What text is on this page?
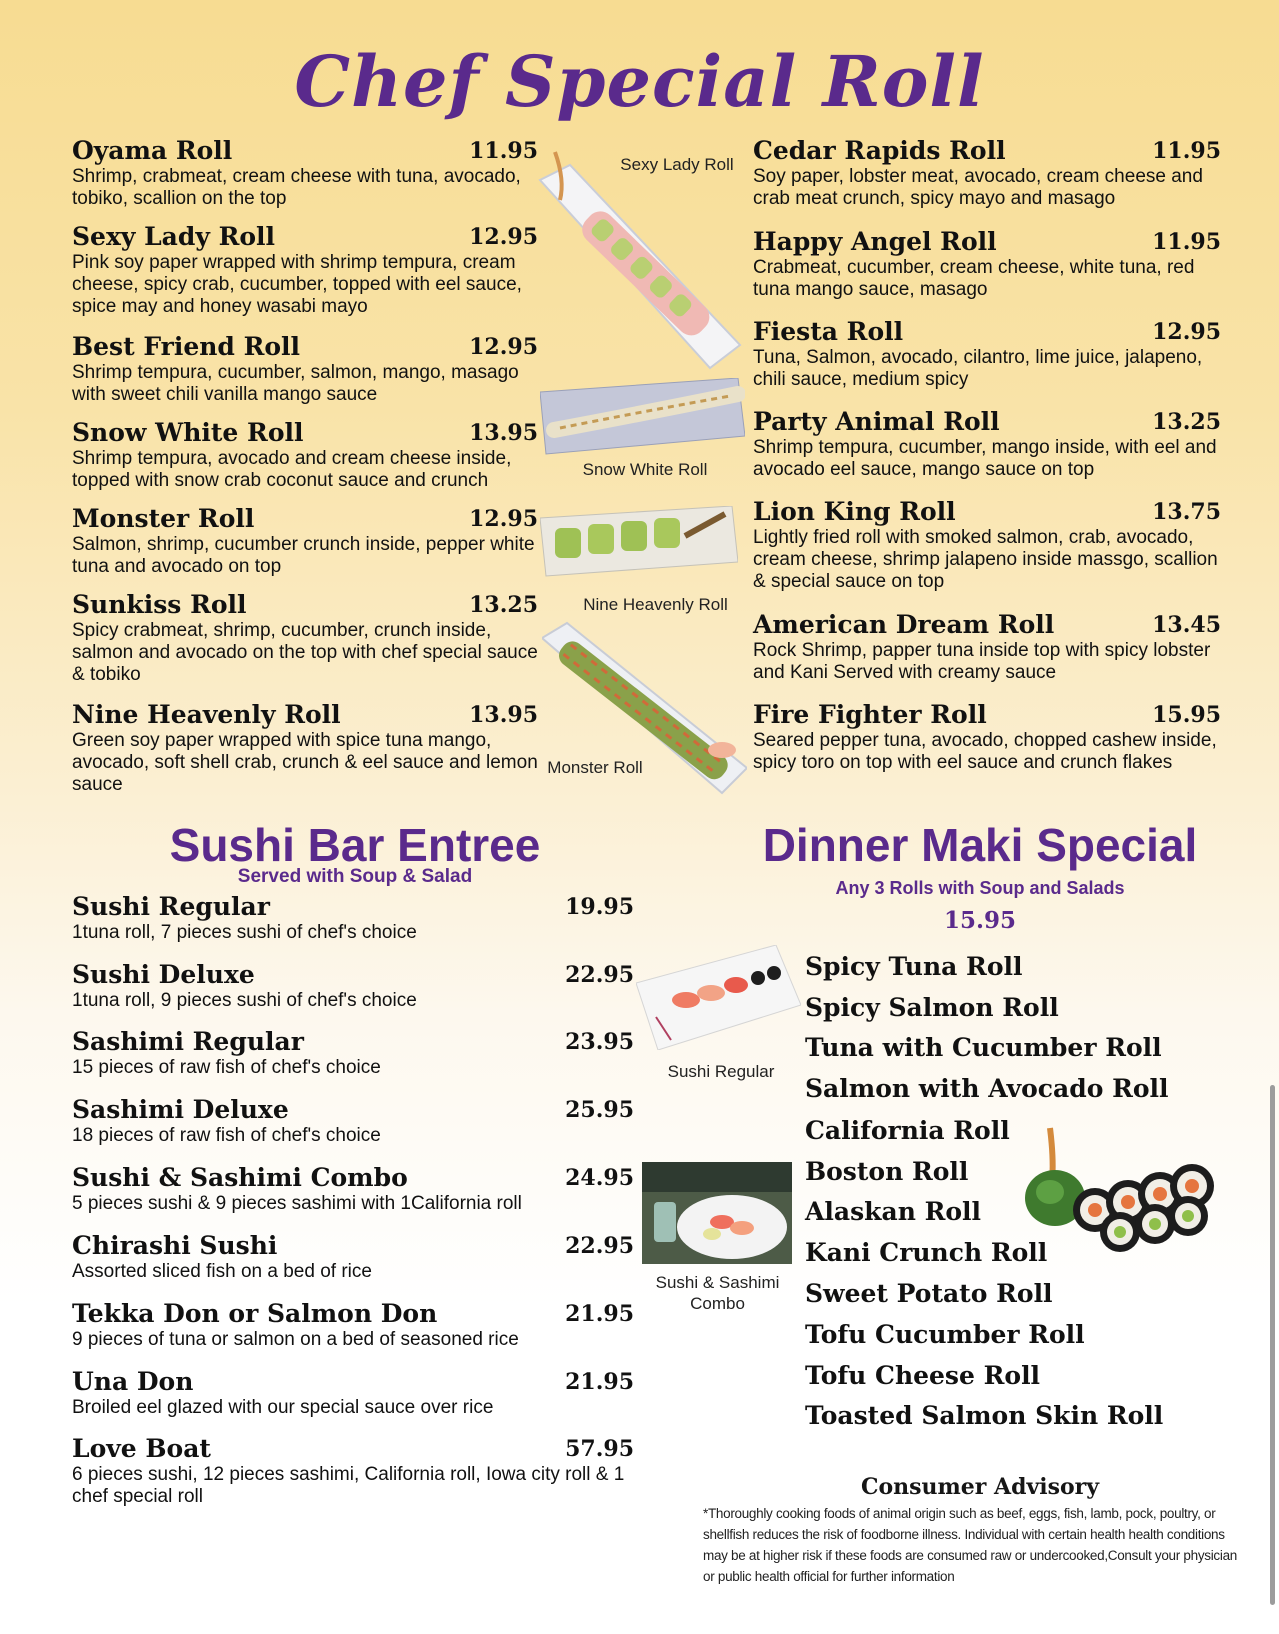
Chef Special Roll
Oyama Roll	11.95
Shrimp, crabmeat, cream cheese with tuna, avocado, tobiko, scallion on the top
Sexy Lady Roll	12.95
Pink soy paper wrapped with shrimp tempura, cream cheese, spicy crab, cucumber, topped with eel sauce, spice may and honey wasabi mayo
Best Friend Roll	12.95
Shrimp tempura, cucumber, salmon, mango, masago with sweet chili vanilla mango sauce
Snow White Roll	13.95
Shrimp tempura, avocado and cream cheese inside, topped with snow crab coconut sauce and crunch
Monster Roll	12.95
Salmon, shrimp, cucumber crunch inside, pepper white tuna and avocado on top
Sunkiss Roll	13.25
Spicy crabmeat, shrimp, cucumber, crunch inside, salmon and avocado on the top with chef special sauce & tobiko
Nine Heavenly Roll	13.95
Green soy paper wrapped with spice tuna mango, avocado, soft shell crab, crunch & eel sauce and lemon sauce
Sexy Lady Roll
Snow White Roll
Nine Heavenly Roll
Monster Roll
Cedar Rapids Roll	11.95
Soy paper, lobster meat, avocado, cream cheese and crab meat crunch, spicy mayo and masago
Happy Angel Roll	11.95
Crabmeat, cucumber, cream cheese, white tuna, red tuna mango sauce, masago
Fiesta Roll	12.95
Tuna, Salmon, avocado, cilantro, lime juice, jalapeno, chili sauce, medium spicy
Party Animal Roll	13.25
Shrimp tempura, cucumber, mango inside, with eel and avocado eel sauce, mango sauce on top
Lion King Roll	13.75
Lightly fried roll with smoked salmon, crab, avocado, cream cheese, shrimp jalapeno inside massgo, scallion & special sauce on top
American Dream Roll	13.45
Rock Shrimp, papper tuna inside top with spicy lobster and Kani Served with creamy sauce
Fire Fighter Roll	15.95
Seared pepper tuna, avocado, chopped cashew inside, spicy toro on top with eel sauce and crunch flakes
Sushi Bar Entree
Served with Soup & Salad
Sushi Regular	19.95
1tuna roll, 7 pieces sushi of chef's choice
Sushi Deluxe	22.95
1tuna roll, 9 pieces sushi of chef's choice
Sashimi Regular	23.95
15 pieces of raw fish of chef's choice
Sashimi Deluxe	25.95
18 pieces of raw fish of chef's choice
Sushi & Sashimi Combo	24.95
5 pieces sushi & 9 pieces sashimi with 1California roll
Chirashi Sushi	22.95
Assorted sliced fish on a bed of rice
Tekka Don or Salmon Don	21.95
9 pieces of tuna or salmon on a bed of seasoned rice
Una Don	21.95
Broiled eel glazed with our special sauce over rice
Love Boat	57.95
6 pieces sushi, 12 pieces sashimi, California roll, Iowa city roll & 1 chef special roll
Sushi Regular
Sushi & Sashimi
Combo
Dinner Maki Special
Any 3 Rolls with Soup and Salads
15.95
Spicy Tuna Roll
Spicy Salmon Roll
Tuna with Cucumber Roll
Salmon with Avocado Roll
California Roll
Boston Roll
Alaskan Roll
Kani Crunch Roll
Sweet Potato Roll
Tofu Cucumber Roll
Tofu Cheese Roll
Toasted Salmon Skin Roll
Consumer Advisory
*Thoroughly cooking foods of animal origin such as beef, eggs, fish, lamb, pock, poultry, or shellfish reduces the risk of foodborne illness. Individual with certain health health conditions may be at higher risk if these foods are consumed raw or undercooked,Consult your physician or public health official for further information
